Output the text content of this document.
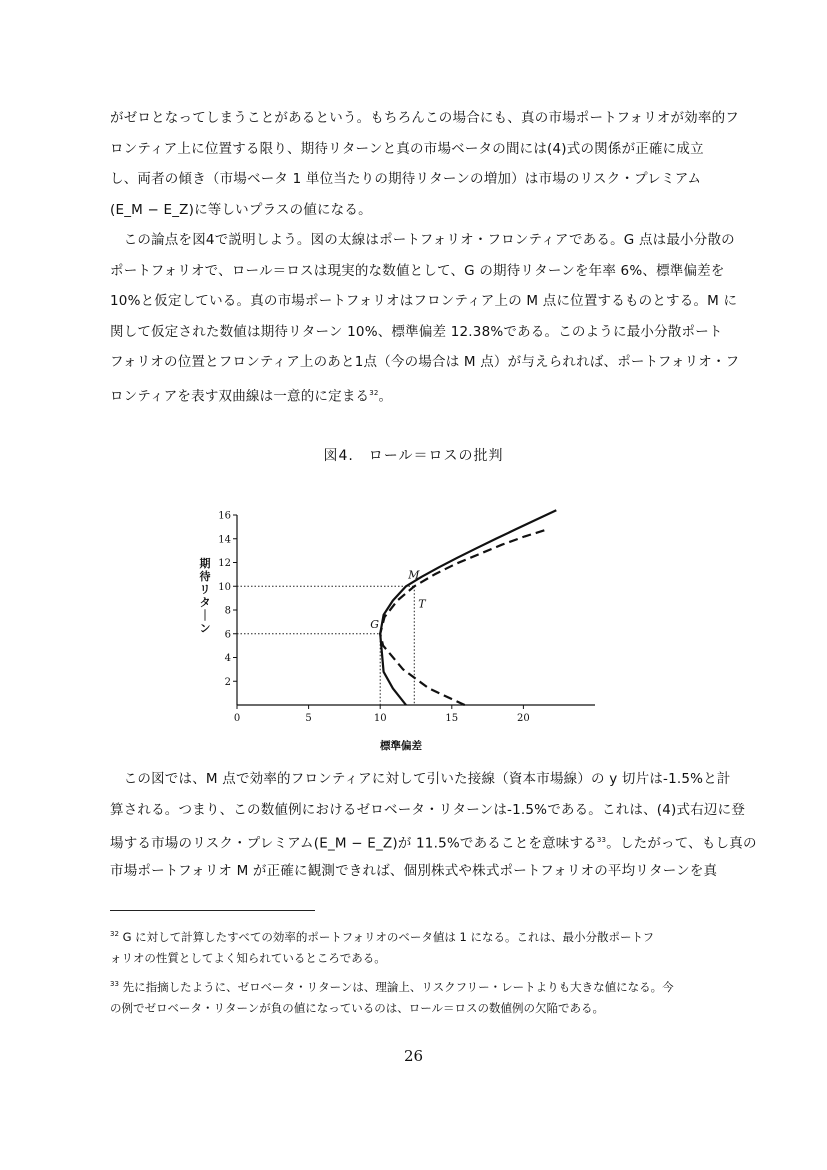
がゼロとなってしまうことがあるという。もちろんこの場合にも、真の市場ポートフォリオが効率的フ
ロンティア上に位置する限り、期待リターンと真の市場ベータの間には(4)式の関係が正確に成立
し、両者の傾き（市場ベータ 1 単位当たりの期待リターンの増加）は市場のリスク・プレミアム
(E_M − E_Z)に等しいプラスの値になる。
　この論点を図4で説明しよう。図の太線はポートフォリオ・フロンティアである。G 点は最小分散の
ポートフォリオで、ロール＝ロスは現実的な数値として、G の期待リターンを年率 6%、標準偏差を
10%と仮定している。真の市場ポートフォリオはフロンティア上の M 点に位置するものとする。M に
関して仮定された数値は期待リターン 10%、標準偏差 12.38%である。このように最小分散ポート
フォリオの位置とフロンティア上のあと1点（今の場合は M 点）が与えられれば、ポートフォリオ・フ
ロンティアを表す双曲線は一意的に定まる$^{32}$。
図4.　ロール＝ロスの批判
0	5	10	15	20
2
4
6
8
10
12
14
16
期
待
リ
タ
｜
ン
標準偏差
G
M
T
　この図では、M 点で効率的フロンティアに対して引いた接線（資本市場線）の y 切片は-1.5%と計
算される。つまり、この数値例におけるゼロベータ・リターンは-1.5%である。これは、(4)式右辺に登
場する市場のリスク・プレミアム(E_M − E_Z)が 11.5%であることを意味する$^{33}$。したがって、もし真の
市場ポートフォリオ M が正確に観測できれば、個別株式や株式ポートフォリオの平均リターンを真
$^{32}$ G に対して計算したすべての効率的ポートフォリオのベータ値は 1 になる。これは、最小分散ポートフ
ォリオの性質としてよく知られているところである。
$^{33}$ 先に指摘したように、ゼロベータ・リターンは、理論上、リスクフリー・レートよりも大きな値になる。今
の例でゼロベータ・リターンが負の値になっているのは、ロール＝ロスの数値例の欠陥である。
26
